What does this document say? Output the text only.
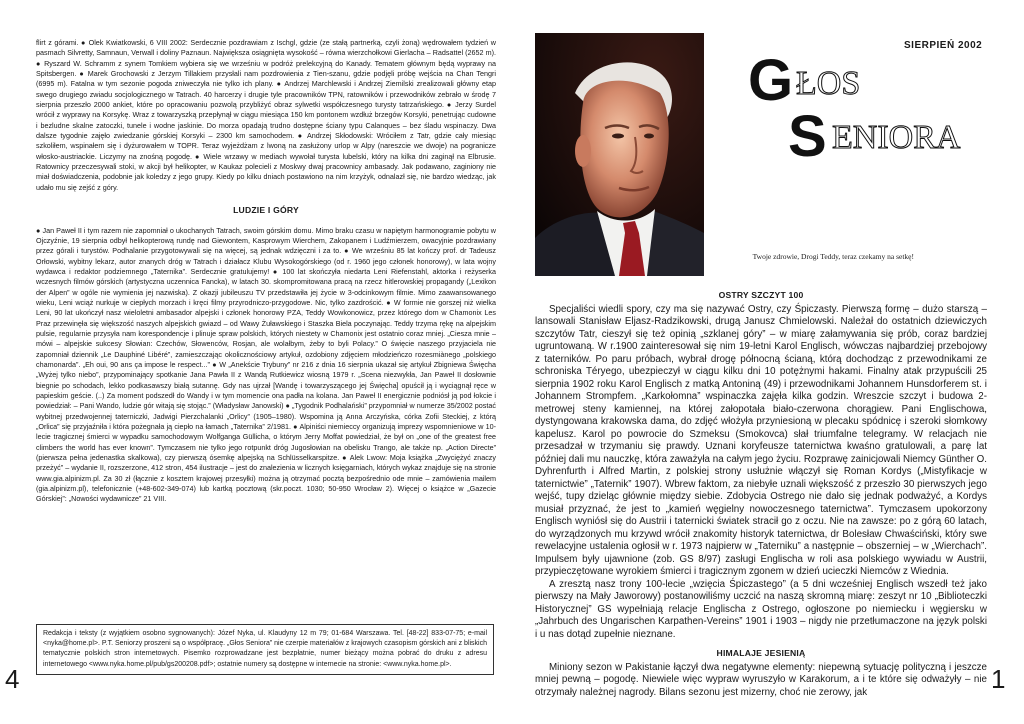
flirt z górami. ● Olek Kwiatkowski, 6 VIII 2002: Serdecznie pozdrawiam z Ischgl, gdzie (ze stałą partnerką, czyli żoną) wędrowałem tydzień w pasmach Silvretty, Samnaun, Verwall i doliny Paznaun. Największa osiągnięta wysokość – równa wierzchołkowi Gierlacha – Radsattel (2652 m). ● Ryszard W. Schramm z synem Tomkiem wybiera się we wrześniu w podróż prelekcyjną do Kanady. Tematem głównym będą wyprawy na Spitsbergen. ● Marek Grochowski z Jerzym Tillakiem przysłali nam pozdrowienia z Tien-szanu, gdzie podjęli próbę wejścia na Chan Tengri (6995 m). Fatalna w tym sezonie pogoda zniweczyła nie tylko ich plany. ● Andrzej Marchlewski i Andrzej Ziemilski zrealizowali główny etap swego drugiego zwiadu socjologicznego w Tatrach. 40 harcerzy i drugie tyle pracowników TPN, ratowników i przewodników zebrało w środę 7 sierpnia przeszło 2000 ankiet, które po opracowaniu pozwolą przybliżyć obraz sylwetki współczesnego turysty tatrzańskiego. ● Jerzy Surdel wrócił z wyprawy na Korsykę. Wraz z towarzyszką przepłynął w ciągu miesiąca 150 km pontonem wzdłuż brzegów Korsyki, penetrując cudowne i bezludne skalne zatoczki, tunele i wodne jaskinie. Do morza opadają trudno dostępne ściany typu Calanques – bez śladu wspinaczy. Dwa dalsze tygodnie zajęło zwiedzanie górskiej Korsyki – 2300 km samochodem. ● Andrzej Skłodowski: Wróciłem z Tatr, gdzie cały miesiąc szkoliłem, wspinałem się i dyżurowałem w TOPR. Teraz wyjeżdżam z lwoną na zasłużony urlop w Alpy (nareszcie we dwoje) na pogranicze włosko-austriackie. Liczymy na znośną pogodę. ● Wiele wrzawy w mediach wywołał turysta lubelski, który na kilka dni zaginął na Elbrusie. Ratownicy przeczesywali stoki, w akcji był helikopter, w Kaukaz polecieli z Moskwy dwaj pracownicy ambasady. Jak podawano, zaginiony nie miał doświadczenia, podobnie jak koledzy z jego grupy. Kiedy po kilku dniach postawiono na nim krzyżyk, odnalazł się, nie bardzo wiedząc, jak udało mu się zejść z góry.

LUDZIE I GÓRY

● Jan Paweł II i tym razem nie zapomniał o ukochanych Tatrach, swoim górskim domu. Mimo braku czasu w napiętym harmonogramie pobytu w Ojczyźnie, 19 sierpnia odbył helikopterową rundę nad Giewontem, Kasprowym Wierchem, Zakopanem i Ludźmierzem, owacyjnie pozdrawiany przez górali i turystów. Podhalanie przygotowywali się na więcej, są jednak wdzięczni i za to. ● We wrześniu 85 lat kończy prof. dr Tadeusz Orłowski, wybitny lekarz, autor znanych dróg w Tatrach i działacz Klubu Wysokogórskiego (od r. 1960 jego członek honorowy), w lata wojny wydawca i redaktor podziemnego „Taternika”. Serdecznie gratulujemy! ● 100 lat skończyła niedarta Leni Riefenstahl, aktorka i reżyserka wczesnych filmów górskich (artystyczna uczennica Fancka), w latach 30. skompromitowana pracą na rzecz hitlerowskiej propagandy („Lexikon der Alpen” w ogóle nie wymienia jej nazwiska). Z okazji jubileuszu TV przedstawiła jej życie w 3-odcinkowym filmie. Mimo zaawansowanego wieku, Leni wciąż nurkuje w ciepłych morzach i kręci filmy przyrodniczo-przygodowe. Nic, tylko zazdrościć. ● W formie nie gorszej niż wielka Leni, 90 lat ukończył nasz wieloletni ambasador alpejski i członek honorowy PZA, Teddy Wowkonowicz, przez którego dom w Chamonix Les Praz przewinęła się większość naszych alpejskich gwiazd – od Wawy Żuławskiego i Staszka Biela poczynając. Teddy trzyma rękę na alpejskim pulsie, regularnie przysyła nam korespondencje i plinuje spraw polskich, których niestety w Chamonix jest ostatnio coraz mniej. „Ciesza mnie – mówi – alpejskie sukcesy Słowian: Czechów, Słowenców, Rosjan, ale wolałbym, żeby to byli Polacy.” O święcie naszego przyjaciela nie zapomniał dziennik „Le Dauphiné Libéré”, zamieszczając okolicznościowy artykuł, ozdobiony zdjęciem młodzieńczo rozesmiànego „polskiego chamonarda”. „Eh oui, 90 ans ça impose le respect...” ● W „Anekście Trybuny” nr 216 z dnia 16 sierpnia ukazał się artykuł Zbigniewa Święcha „Wyżej tylko niebo”, przypominający spotkanie Jana Pawła II z Wandą Rutkiewicz wiosną 1979 r. „Scena niezwykła, Jan Paweł II dosłownie biegnie po schodach, lekko podkasawszy białą sutannę. Gdy nas ujrzał [Wandę i towarzyszącego jej Święcha] opuścił ją i wyciągnął ręce w papieskim geście. (..) Za moment podszedł do Wandy i w tym momencie ona padła na kolana. Jan Paweł II energicznie podniósł ją pod łokcie i powiedział: – Pani Wando, ludzie gór witają się stojąc.” (Władysław Janowski) ● „Tygodnik Podhalański” przypomniał w numerze 35/2002 postać wybitnej przedwojennej taterniczki, Jadwigi Pierzchalanki „Orlicy” (1905–1980). Wspomina ją Anna Arczyńska, córka Zofii Steckiej, z którą „Orlica” się przyjaźniła i która pożegnała ją ciepło na łamach „Taternika” 2/1981. ● Alpiniści niemieccy organizują imprezy wspomnieniowe w 10-lecie tragicznej śmierci w wypadku samochodowym Wolfganga Güllicha, o którym Jerry Moffat powiedział, że był on „one of the greatest free climbers the world has ever known”. Tymczasem nie tylko jego rotpunkt dróg Jugosłowian na obelisku Trango, ale także np. „Action Directe” (pierwsza pełna jedenastka skalkowa), czy pierwszą ósemkę alpejską na Schlüsselkarspitze. ● Alek Lwow: Moja książka „Zwyciężyć znaczy przeżyć” – wydanie II, rozszerzone, 412 stron, 454 ilustracje – jest do znalezienia w licznych księgarniach, których wykaz znajduje się na stronie www.gia.alpinizm.pl. Za 30 zł (łącznie z kosztem krajowej przesyłki) można ją otrzymać pocztą bezpośrednio ode mnie – zamówienia mailem (gia.alpinizm.pl), telefonicznie (+48-602-349-074) lub kartką pocztową (skr.poczt. 1030; 50-950 Wrocław 2). Więcej o książce w „Gazecie Górskiej”: „Nowości wydawnicze” 21 VIII.

Redakcja i teksty (z wyjątkiem osobno sygnowanych): Józef Nyka, ul. Klaudyny 12 m 79; 01-684 Warszawa. Tel. [48-22] 833-07-75; e-mail <nyka@home.pl>. P.T. Seniorzy proszeni są o współpracę. „Głos Seniora” nie czerpie materiałów z krajowych czasopism górskich ani z bliskich tematycznie polskich stron internetowych. Pisemko rozprowadzane jest bezpłatnie, numer bieżący można pobrać do druku z adresu internetowego <www.nyka.home.pl/pub/gs200208.pdf>; ostatnie numery są dostępne w internecie na stronie: <www.nyka.home.pl>.
4
Twoje zdrowie, Drogi Teddy, teraz czekamy na setkę!
SIERPIEŃ 2002
G ŁOS
S ENIORA
OSTRY SZCZYT 100

Specjaliści wiedli spory, czy ma się nazywać Ostry, czy Śpiczasty. Pierwszą formę – dużo starszą – lansowali Stanisław Eljasz-Radzikowski, drugą Janusz Chmielowski. Należał do ostatnich dziewiczych szczytów Tatr, cieszył się też opinią „szklanej góry” – w miarę załamywania się prób, coraz bardziej ugruntowaną. W r.1900 zainteresował się nim 19-letni Karol Englisch, wówczas najbardziej przebojowy z taterników. Po paru próbach, wybrał drogę północną ścianą, którą dochodząc z przewodnikami ze schroniska Téryego, ubezpieczył w ciągu kilku dni 10 potężnymi hakami. Finalny atak przypuścili 25 sierpnia 1902 roku Karol Englisch z matką Antoniną (49) i przewodnikami Johannem Hunsdorferem st. i Johannem Strompfem. „Karkołomna” wspinaczka zajęła kilka godzin. Wreszcie szczyt i budowa 2-metrowej steny kamiennej, na której załopotała biało-czerwona chorągiew. Pani Englischowa, dystyngowana krakowska dama, do zdjęć włożyła przyniesioną w plecaku spódnicę i szeroki słomkowy kapelusz. Karol po powrocie do Szmeksu (Smokovca) słał triumfalne telegramy. W relacjach nie przesadzał w trzymaniu się prawdy. Uznani koryfeusze taternictwa kwaśno gratulowali, a parę lat później dali mu nauczkę, która zaważyła na całym jego życiu. Rozprawę zainicjowali Niemcy Günther O. Dyhrenfurth i Alfred Martin, z polskiej strony usłużnie włączył się Roman Kordys („Mistyfikacje w taternictwie” „Taternik” 1907). Wbrew faktom, za niebyłe uznali większość z przeszło 30 pierwszych jego wejść, tupy dzieląc głównie między siebie. Zdobycia Ostrego nie dało się jednak podważyć, a Kordys musiał przyznać, że jest to „kamień węgielny nowoczesnego taternictwa”. Tymczasem upokorzony Englisch wyniósł się do Austrii i taternicki światek stracił go z oczu. Nie na zawsze: po z górą 60 latach, do wyrządzonych mu krzywd wrócił znakomity historyk taternictwa, dr Bolesław Chwaściński, który swe rewelacyjne ustalenia ogłosił w r. 1973 najpierw w „Taterniku” a następnie – obszerniej – w „Wierchach”. Impulsem były ujawnione (zob. GS 8/97) zasługi Englischa w roli asa polskiego wywiadu w Austrii, przypieczętowane wyrokiem śmierci i tragicznym zgonem w dzień ucieczki Niemców z Wiednia.

A zresztą nasz trony 100-lecie „wzięcia Śpiczastego” (a 5 dni wcześniej Englisch wszedł też jako pierwszy na Mały Jaworowy) postanowiliśmy uczcić na naszą skromną miarę: zeszyt nr 10 „Biblioteczki Historycznej” GS wypełniają relacje Englischa z Ostrego, ogłoszone po niemiecku i węgiersku w „Jahrbuch des Ungarischen Karpathen-Vereins” 1901 i 1903 – nigdy nie przetłumaczone na język polski i u nas dotąd zupełnie nieznane.

HIMALAJE JESIENIĄ

Miniony sezon w Pakistanie łączył dwa negatywne elementy: niepewną sytuację polityczną i jeszcze mniej pewną – pogodę. Niewiele więc wypraw wyruszyło w Karakorum, a i te które się odważyły – nie otrzymały należnej nagrody. Bilans sezonu jest mizerny, choć nie zerowy, jak	1
